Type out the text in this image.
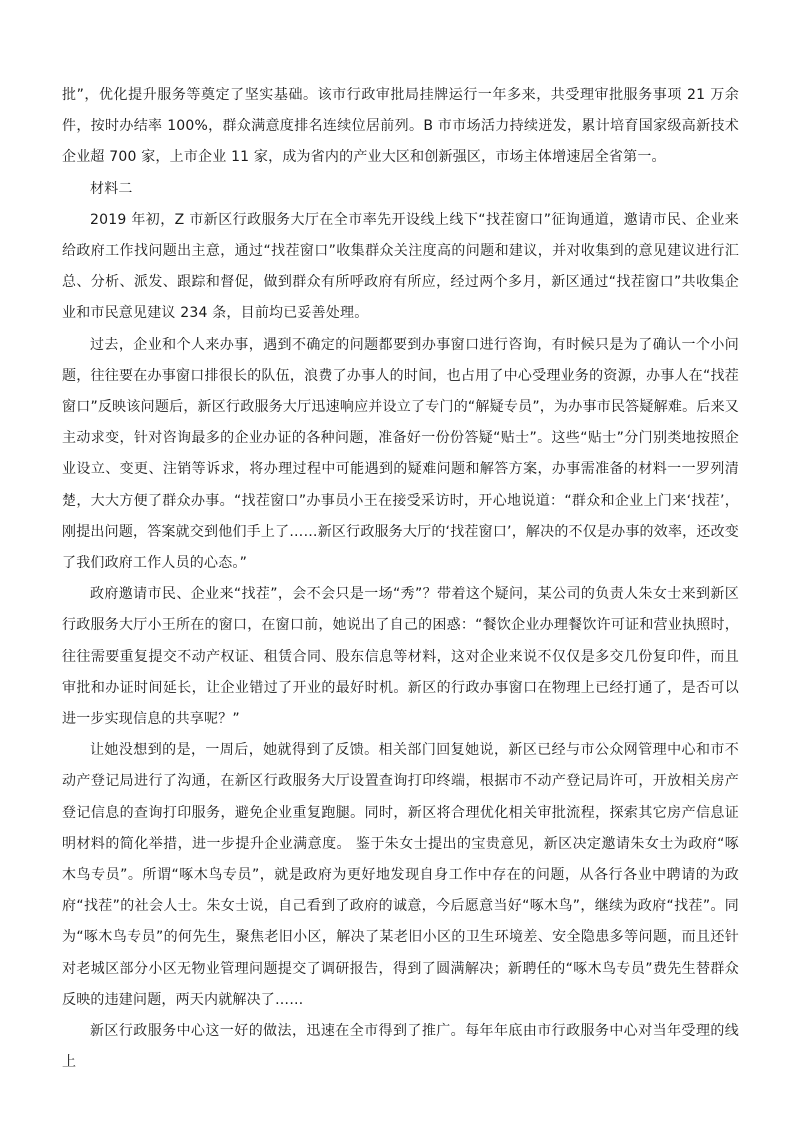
批”，优化提升服务等奠定了坚实基础。该市行政审批局挂牌运行一年多来，共受理审批服务事项 21 万余件，按时办结率 100%，群众满意度排名连续位居前列。B 市市场活力持续迸发，累计培育国家级高新技术企业超 700 家，上市企业 11 家，成为省内的产业大区和创新强区，市场主体增速居全省第一。

材料二

2019 年初，Z 市新区行政服务大厅在全市率先开设线上线下“找茬窗口”征询通道，邀请市民、企业来给政府工作找问题出主意，通过“找茬窗口”收集群众关注度高的问题和建议，并对收集到的意见建议进行汇总、分析、派发、跟踪和督促，做到群众有所呼政府有所应，经过两个多月，新区通过“找茬窗口”共收集企业和市民意见建议 234 条，目前均已妥善处理。

过去，企业和个人来办事，遇到不确定的问题都要到办事窗口进行咨询，有时候只是为了确认一个小问题，往往要在办事窗口排很长的队伍，浪费了办事人的时间，也占用了中心受理业务的资源，办事人在“找茬窗口”反映该问题后，新区行政服务大厅迅速响应并设立了专门的“解疑专员”，为办事市民答疑解难。后来又主动求变，针对咨询最多的企业办证的各种问题，准备好一份份答疑“贴士”。这些“贴士”分门别类地按照企业设立、变更、注销等诉求，将办理过程中可能遇到的疑难问题和解答方案，办事需准备的材料一一罗列清楚，大大方便了群众办事。“找茬窗口”办事员小王在接受采访时，开心地说道：“群众和企业上门来‘找茬’，刚提出问题，答案就交到他们手上了……新区行政服务大厅的‘找茬窗口’，解决的不仅是办事的效率，还改变了我们政府工作人员的心态。”

政府邀请市民、企业来“找茬”，会不会只是一场“秀”？带着这个疑问，某公司的负责人朱女士来到新区行政服务大厅小王所在的窗口，在窗口前，她说出了自己的困惑：“餐饮企业办理餐饮许可证和营业执照时，往往需要重复提交不动产权证、租赁合同、股东信息等材料，这对企业来说不仅仅是多交几份复印件，而且审批和办证时间延长，让企业错过了开业的最好时机。新区的行政办事窗口在物理上已经打通了，是否可以进一步实现信息的共享呢？”

让她没想到的是，一周后，她就得到了反馈。相关部门回复她说，新区已经与市公众网管理中心和市不动产登记局进行了沟通，在新区行政服务大厅设置查询打印终端，根据市不动产登记局许可，开放相关房产登记信息的查询打印服务，避免企业重复跑腿。同时，新区将合理优化相关审批流程，探索其它房产信息证明材料的简化举措，进一步提升企业满意度。 鉴于朱女士提出的宝贵意见，新区决定邀请朱女士为政府“啄木鸟专员”。所谓“啄木鸟专员”，就是政府为更好地发现自身工作中存在的问题，从各行各业中聘请的为政府“找茬”的社会人士。朱女士说，自己看到了政府的诚意，今后愿意当好“啄木鸟”，继续为政府“找茬”。同为“啄木鸟专员”的何先生，聚焦老旧小区，解决了某老旧小区的卫生环境差、安全隐患多等问题，而且还针对老城区部分小区无物业管理问题提交了调研报告，得到了圆满解决；新聘任的“啄木鸟专员”费先生替群众反映的违建问题，两天内就解决了……

新区行政服务中心这一好的做法，迅速在全市得到了推广。每年年底由市行政服务中心对当年受理的线上
